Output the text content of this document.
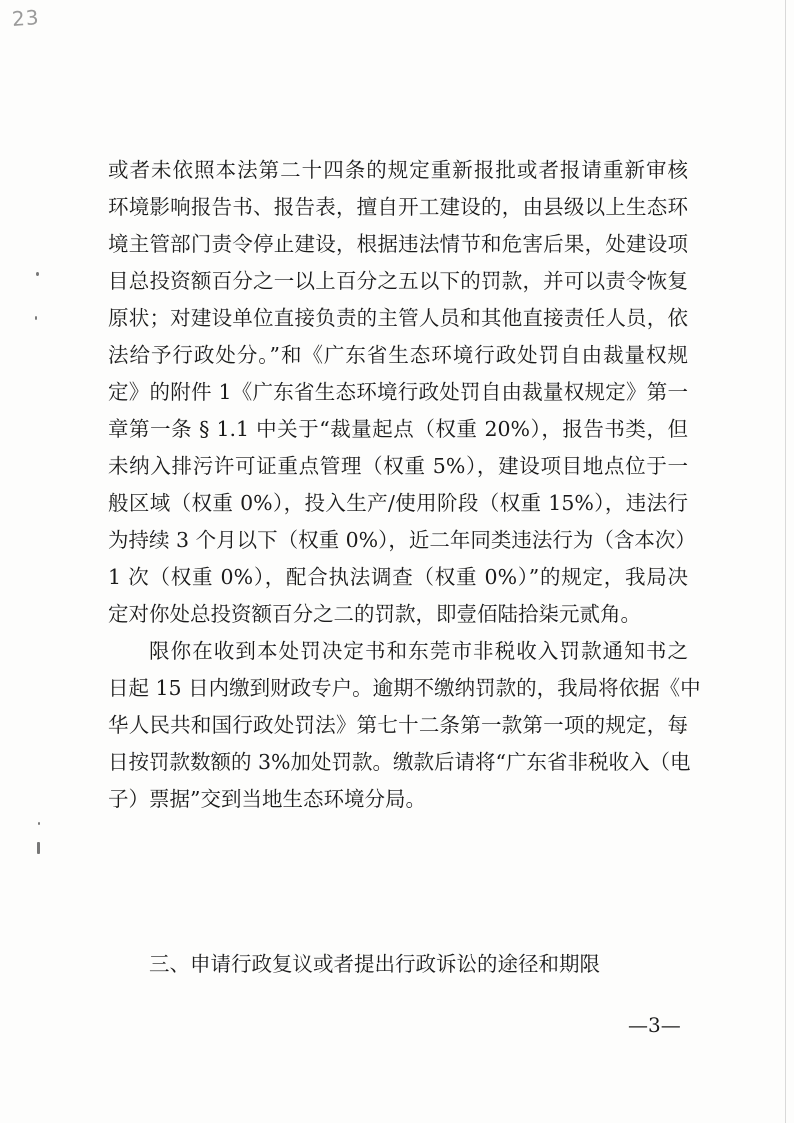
23
或者未依照本法第二十四条的规定重新报批或者报请重新审核
环境影响报告书、报告表，擅自开工建设的，由县级以上生态环
境主管部门责令停止建设，根据违法情节和危害后果，处建设项
目总投资额百分之一以上百分之五以下的罚款，并可以责令恢复
原状；对建设单位直接负责的主管人员和其他直接责任人员，依
法给予行政处分。”和《广东省生态环境行政处罚自由裁量权规
定》的附件 1《广东省生态环境行政处罚自由裁量权规定》第一
章第一条 § 1.1 中关于“裁量起点（权重 20%），报告书类，但
未纳入排污许可证重点管理（权重 5%），建设项目地点位于一
般区域（权重 0%），投入生产/使用阶段（权重 15%），违法行
为持续 3 个月以下（权重 0%），近二年同类违法行为（含本次）
1 次（权重 0%），配合执法调查（权重 0%）”的规定，我局决
定对你处总投资额百分之二的罚款，即壹佰陆拾柒元贰角。
限你在收到本处罚决定书和东莞市非税收入罚款通知书之
日起 15 日内缴到财政专户。逾期不缴纳罚款的，我局将依据《中
华人民共和国行政处罚法》第七十二条第一款第一项的规定，每
日按罚款数额的 3%加处罚款。缴款后请将“广东省非税收入（电
子）票据”交到当地生态环境分局。
三、申请行政复议或者提出行政诉讼的途径和期限
—3—
